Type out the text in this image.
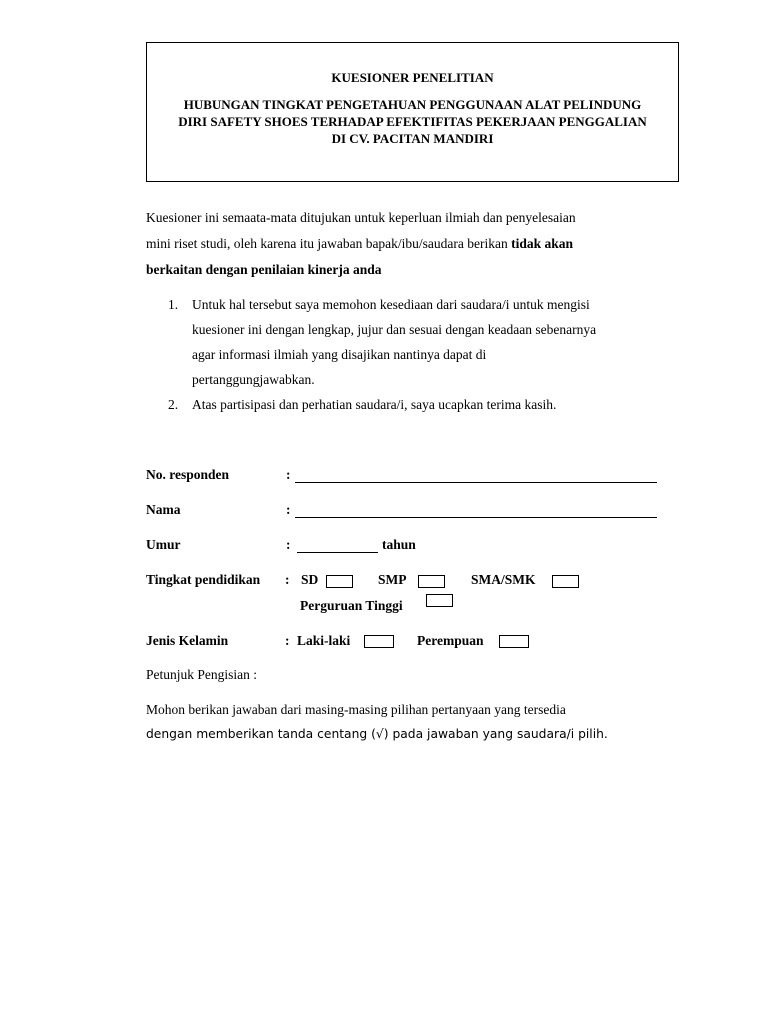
KUESIONER PENELITIAN
HUBUNGAN TINGKAT PENGETAHUAN PENGGUNAAN ALAT PELINDUNG
DIRI SAFETY SHOES TERHADAP EFEKTIFITAS PEKERJAAN PENGGALIAN
DI CV. PACITAN MANDIRI
Kuesioner ini semaata-mata ditujukan untuk keperluan ilmiah dan penyelesaian
mini riset studi, oleh karena itu jawaban bapak/ibu/saudara berikan tidak akan
berkaitan dengan penilaian kinerja anda
1. Untuk hal tersebut saya memohon kesediaan dari saudara/i untuk mengisi
kuesioner ini dengan lengkap, jujur dan sesuai dengan keadaan sebenarnya
agar informasi ilmiah yang disajikan nantinya dapat di
pertanggungjawabkan.
2. Atas partisipasi dan perhatian saudara/i, saya ucapkan terima kasih.
No. responden	:
Nama	:
Umur	:	tahun
Tingkat pendidikan : SD	SMP	SMA/SMK
Perguruan Tinggi
Jenis Kelamin	: Laki-laki	Perempuan
Petunjuk Pengisian :
Mohon berikan jawaban dari masing-masing pilihan pertanyaan yang tersedia
dengan memberikan tanda centang (√) pada jawaban yang saudara/i pilih.
